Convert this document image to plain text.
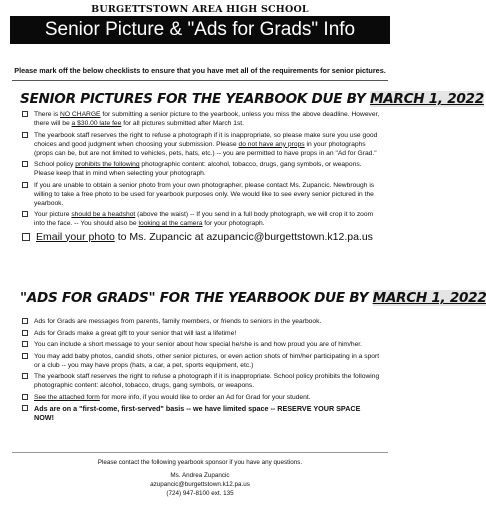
BURGETTSTOWN AREA HIGH SCHOOL
Senior Picture & "Ads for Grads" Info
Please mark off the below checklists to ensure that you have met all of the requirements for senior pictures.
SENIOR PICTURES FOR THE YEARBOOK DUE BY MARCH 1, 2022
There is NO CHARGE for submitting a senior picture to the yearbook, unless you miss the above deadline. However, there will be a $30.00 late fee for all pictures submitted after March 1st.
The yearbook staff reserves the right to refuse a photograph if it is inappropriate, so please make sure you use good choices and good judgment when choosing your submission. Please do not have any props in your photographs (props can be, but are not limited to vehicles, pets, hats, etc.) -- you are permitted to have props in an "Ad for Grad."
School policy prohibits the following photographic content: alcohol, tobacco, drugs, gang symbols, or weapons. Please keep that in mind when selecting your photograph.
If you are unable to obtain a senior photo from your own photographer, please contact Ms. Zupancic. Newbrough is willing to take a free photo to be used for yearbook purposes only. We would like to see every senior pictured in the yearbook.
Your picture should be a headshot (above the waist) -- If you send in a full body photograph, we will crop it to zoom into the face. -- You should also be looking at the camera for your photograph.
Email your photo to Ms. Zupancic at azupancic@burgettstown.k12.pa.us
"ADS FOR GRADS" FOR THE YEARBOOK DUE BY MARCH 1, 2022
Ads for Grads are messages from parents, family members, or friends to seniors in the yearbook.
Ads for Grads make a great gift to your senior that will last a lifetime!
You can include a short message to your senior about how special he/she is and how proud you are of him/her.
You may add baby photos, candid shots, other senior pictures, or even action shots of him/her participating in a sport or a club -- you may have props (hats, a car, a pet, sports equipment, etc.)
The yearbook staff reserves the right to refuse a photograph if it is inappropriate. School policy prohibits the following photographic content: alcohol, tobacco, drugs, gang symbols, or weapons.
See the attached form for more info, if you would like to order an Ad for Grad for your student.
Ads are on a "first-come, first-served" basis -- we have limited space -- RESERVE YOUR SPACE NOW!
Please contact the following yearbook sponsor if you have any questions.
Ms. Andrea Zupancic
azupancic@burgettstown.k12.pa.us
(724) 947-8100 ext. 135
